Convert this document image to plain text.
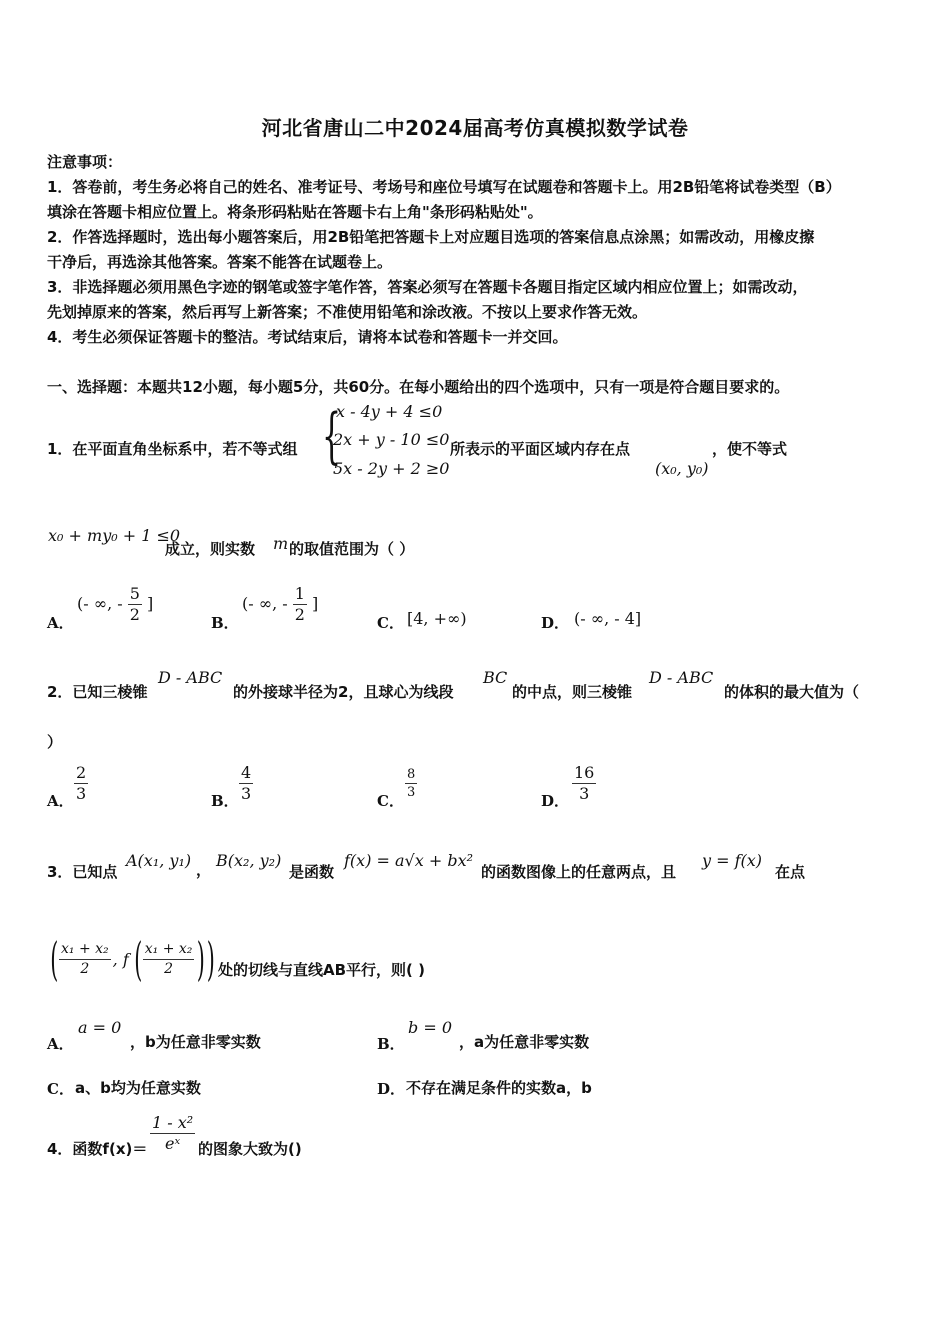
河北省唐山二中2024届高考仿真模拟数学试卷
注意事项：
1．答卷前，考生务必将自己的姓名、准考证号、考场号和座位号填写在试题卷和答题卡上。用2B铅笔将试卷类型（B）
填涂在答题卡相应位置上。将条形码粘贴在答题卡右上角"条形码粘贴处"。
2．作答选择题时，选出每小题答案后，用2B铅笔把答题卡上对应题目选项的答案信息点涂黑；如需改动，用橡皮擦
干净后，再选涂其他答案。答案不能答在试题卷上。
3．非选择题必须用黑色字迹的钢笔或签字笔作答，答案必须写在答题卡各题目指定区域内相应位置上；如需改动，
先划掉原来的答案，然后再写上新答案；不准使用铅笔和涂改液。不按以上要求作答无效。
4．考生必须保证答题卡的整洁。考试结束后，请将本试卷和答题卡一并交回。
一、选择题：本题共12小题，每小题5分，共60分。在每小题给出的四个选项中，只有一项是符合题目要求的。
1．在平面直角坐标系中，若不等式组 {
x - 4y + 4 ≤0
2x + y - 10 ≤0
5x - 2y + 2 ≥0
所表示的平面区域内存在点
(x₀, y₀)
，使不等式
x₀ + my₀ + 1 ≤0
成立，则实数 m 的取值范围为（ ）
A．
(- ∞, - $\frac{5}{2}$ ]
B．
(- ∞, - $\frac{1}{2}$ ]
C． [4, +∞)	D． (- ∞, - 4]
2．已知三棱锥
D - ABC
的外接球半径为2，且球心为线段
BC
的中点，则三棱锥
D - ABC
的体积的最大值为（
）
A． $\frac{2}{3}$	B． $\frac{4}{3}$	C． $\frac{8}{3}$	D． $\frac{16}{3}$
3．已知点
A(x₁, y₁) ， B(x₂, y₂)
是函数
f(x) = a√x + bx²
的函数图像上的任意两点，且
y = f(x)
在点
( $\frac{\text{x₁ + x₂}}{2}$ , f ( $\frac{\text{x₁ + x₂}}{2}$ ) ) 处的切线与直线AB平行，则( )
A．
a = 0
，b为任意非零实数	B．
b = 0
，a为任意非零实数
C． a、b均为任意实数	D． 不存在满足条件的实数a，b
4．函数$f(x)= \frac{\text{1 - x²}}{\text{eˣ}}$ 的图象大致为()
